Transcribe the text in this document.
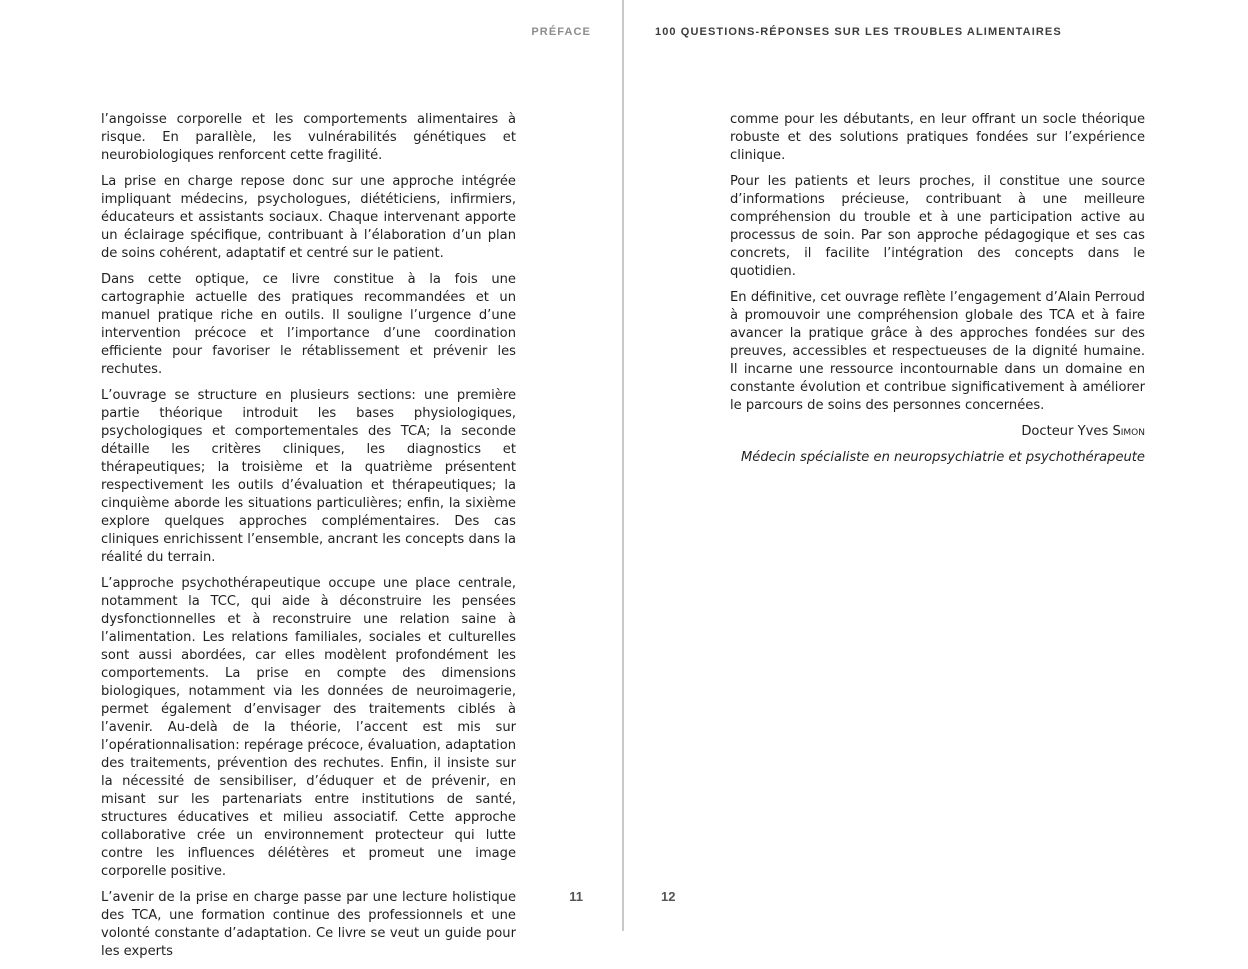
PRÉFACE

l’angoisse corporelle et les comportements alimentaires à risque. En parallèle, les vulnérabilités génétiques et neurobiologiques renforcent cette fragilité.

La prise en charge repose donc sur une approche intégrée impliquant médecins, psychologues, diététiciens, infirmiers, éducateurs et assistants sociaux. Chaque intervenant apporte un éclairage spécifique, contribuant à l’élaboration d’un plan de soins cohérent, adaptatif et centré sur le patient.

Dans cette optique, ce livre constitue à la fois une cartographie actuelle des pratiques recommandées et un manuel pratique riche en outils. Il souligne l’urgence d’une intervention précoce et l’importance d’une coordination efficiente pour favoriser le rétablissement et prévenir les rechutes.

L’ouvrage se structure en plusieurs sections: une première partie théorique introduit les bases physiologiques, psychologiques et comportementales des TCA; la seconde détaille les critères cliniques, les diagnostics et thérapeutiques; la troisième et la quatrième présentent respectivement les outils d’évaluation et thérapeutiques; la cinquième aborde les situations particulières; enfin, la sixième explore quelques approches complémentaires. Des cas cliniques enrichissent l’ensemble, ancrant les concepts dans la réalité du terrain.

L’approche psychothérapeutique occupe une place centrale, notamment la TCC, qui aide à déconstruire les pensées dysfonctionnelles et à reconstruire une relation saine à l’alimentation. Les relations familiales, sociales et culturelles sont aussi abordées, car elles modèlent profondément les comportements. La prise en compte des dimensions biologiques, notamment via les données de neuroimagerie, permet également d’envisager des traitements ciblés à l’avenir. Au-delà de la théorie, l’accent est mis sur l’opérationnalisation: repérage précoce, évaluation, adaptation des traitements, prévention des rechutes. Enfin, il insiste sur la nécessité de sensibiliser, d’éduquer et de prévenir, en misant sur les partenariats entre institutions de santé, structures éducatives et milieu associatif. Cette approche collaborative crée un environnement protecteur qui lutte contre les influences délétères et promeut une image corporelle positive.

L’avenir de la prise en charge passe par une lecture holistique des TCA, une formation continue des professionnels et une volonté constante d’adaptation. Ce livre se veut un guide pour les experts

11
100 QUESTIONS-RÉPONSES SUR LES TROUBLES ALIMENTAIRES

comme pour les débutants, en leur offrant un socle théorique robuste et des solutions pratiques fondées sur l’expérience clinique.

Pour les patients et leurs proches, il constitue une source d’informations précieuse, contribuant à une meilleure compréhension du trouble et à une participation active au processus de soin. Par son approche pédagogique et ses cas concrets, il facilite l’intégration des concepts dans le quotidien.

En définitive, cet ouvrage reflète l’engagement d’Alain Perroud à promouvoir une compréhension globale des TCA et à faire avancer la pratique grâce à des approches fondées sur des preuves, accessibles et respectueuses de la dignité humaine. Il incarne une ressource incontournable dans un domaine en constante évolution et contribue significativement à améliorer le parcours de soins des personnes concernées.

Docteur Yves Simon

Médecin spécialiste en neuropsychiatrie et psychothérapeute

12
